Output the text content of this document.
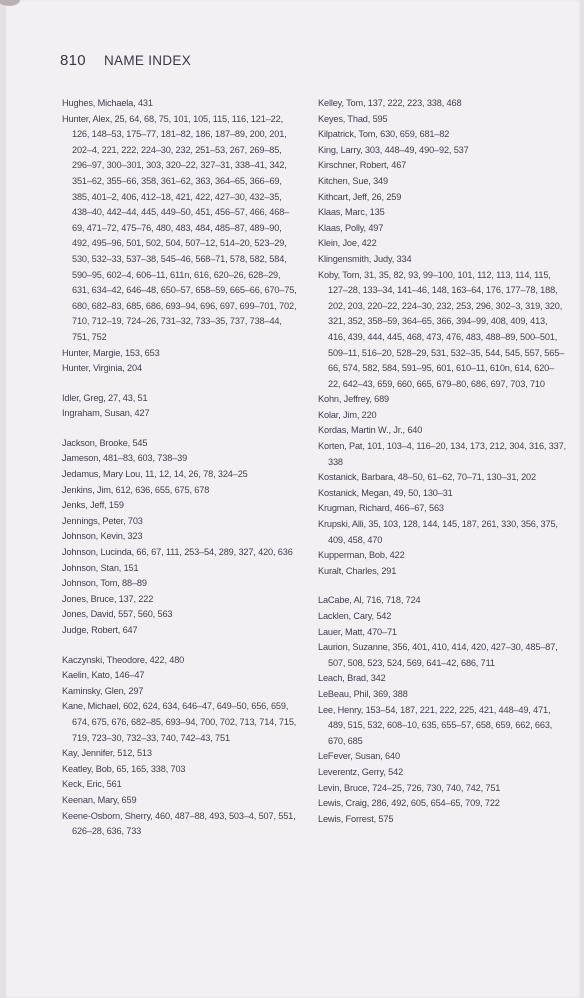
810 NAME INDEX
Hughes, Michaela, 431
Hunter, Alex, 25, 64, 68, 75, 101, 105, 115, 116, 121–22, 126, 148–53, 175–77, 181–82, 186, 187–89, 200, 201, 202–4, 221, 222, 224–30, 232, 251–53, 267, 269–85, 296–97, 300–301, 303, 320–22, 327–31, 338–41, 342, 351–62, 355–66, 358, 361–62, 363, 364–65, 366–69, 385, 401–2, 406, 412–18, 421, 422, 427–30, 432–35, 438–40, 442–44, 445, 449–50, 451, 456–57, 466, 468–69, 471–72, 475–76, 480, 483, 484, 485–87, 489–90, 492, 495–96, 501, 502, 504, 507–12, 514–20, 523–29, 530, 532–33, 537–38, 545–46, 568–71, 578, 582, 584, 590–95, 602–4, 606–11, 611n, 616, 620–26, 628–29, 631, 634–42, 646–48, 650–57, 658–59, 665–66, 670–75, 680, 682–83, 685, 686, 693–94, 696, 697, 699–701, 702, 710, 712–19, 724–26, 731–32, 733–35, 737, 738–44, 751, 752
Hunter, Margie, 153, 653
Hunter, Virginia, 204
Idler, Greg, 27, 43, 51
Ingraham, Susan, 427
Jackson, Brooke, 545
Jameson, 481–83, 603, 738–39
Jedamus, Mary Lou, 11, 12, 14, 26, 78, 324–25
Jenkins, Jim, 612, 636, 655, 675, 678
Jenks, Jeff, 159
Jennings, Peter, 703
Johnson, Kevin, 323
Johnson, Lucinda, 66, 67, 111, 253–54, 289, 327, 420, 636
Johnson, Stan, 151
Johnson, Tom, 88–89
Jones, Bruce, 137, 222
Jones, David, 557, 560, 563
Judge, Robert, 647
Kaczynski, Theodore, 422, 480
Kaelin, Kato, 146–47
Kaminsky, Glen, 297
Kane, Michael, 602, 624, 634, 646–47, 649–50, 656, 659, 674, 675, 676, 682–85, 693–94, 700, 702, 713, 714, 715, 719, 723–30, 732–33, 740, 742–43, 751
Kay, Jennifer, 512, 513
Keatley, Bob, 65, 165, 338, 703
Keck, Eric, 561
Keenan, Mary, 659
Keene-Osborn, Sherry, 460, 487–88, 493, 503–4, 507, 551, 626–28, 636, 733
Kelley, Tom, 137, 222, 223, 338, 468
Keyes, Thad, 595
Kilpatrick, Tom, 630, 659, 681–82
King, Larry, 303, 448–49, 490–92, 537
Kirschner, Robert, 467
Kitchen, Sue, 349
Kithcart, Jeff, 26, 259
Klaas, Marc, 135
Klaas, Polly, 497
Klein, Joe, 422
Klingensmith, Judy, 334
Koby, Tom, 31, 35, 82, 93, 99–100, 101, 112, 113, 114, 115, 127–28, 133–34, 141–46, 148, 163–64, 176, 177–78, 188, 202, 203, 220–22, 224–30, 232, 253, 296, 302–3, 319, 320, 321, 352, 358–59, 364–65, 366, 394–99, 408, 409, 413, 416, 439, 444, 445, 468, 473, 476, 483, 488–89, 500–501, 509–11, 516–20, 528–29, 531, 532–35, 544, 545, 557, 565–66, 574, 582, 584, 591–95, 601, 610–11, 610n, 614, 620–22, 642–43, 659, 660, 665, 679–80, 686, 697, 703, 710
Kohn, Jeffrey, 689
Kolar, Jim, 220
Kordas, Martin W., Jr., 640
Korten, Pat, 101, 103–4, 116–20, 134, 173, 212, 304, 316, 337, 338
Kostanick, Barbara, 48–50, 61–62, 70–71, 130–31, 202
Kostanick, Megan, 49, 50, 130–31
Krugman, Richard, 466–67, 563
Krupski, Alli, 35, 103, 128, 144, 145, 187, 261, 330, 356, 375, 409, 458, 470
Kupperman, Bob, 422
Kuralt, Charles, 291
LaCabe, Al, 716, 718, 724
Lacklen, Cary, 542
Lauer, Matt, 470–71
Laurion, Suzanne, 356, 401, 410, 414, 420, 427–30, 485–87, 507, 508, 523, 524, 569, 641–42, 686, 711
Leach, Brad, 342
LeBeau, Phil, 369, 388
Lee, Henry, 153–54, 187, 221, 222, 225, 421, 448–49, 471, 489, 515, 532, 608–10, 635, 655–57, 658, 659, 662, 663, 670, 685
LeFever, Susan, 640
Leverentz, Gerry, 542
Levin, Bruce, 724–25, 726, 730, 740, 742, 751
Lewis, Craig, 286, 492, 605, 654–65, 709, 722
Lewis, Forrest, 575
